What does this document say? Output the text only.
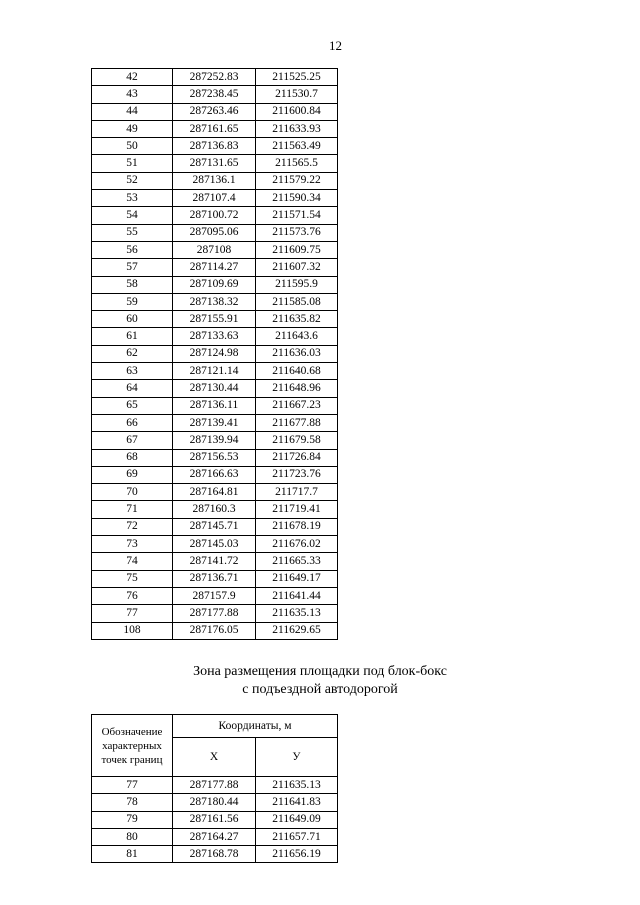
12
42	287252.83	211525.25
43	287238.45	211530.7
44	287263.46	211600.84
49	287161.65	211633.93
50	287136.83	211563.49
51	287131.65	211565.5
52	287136.1	211579.22
53	287107.4	211590.34
54	287100.72	211571.54
55	287095.06	211573.76
56	287108	211609.75
57	287114.27	211607.32
58	287109.69	211595.9
59	287138.32	211585.08
60	287155.91	211635.82
61	287133.63	211643.6
62	287124.98	211636.03
63	287121.14	211640.68
64	287130.44	211648.96
65	287136.11	211667.23
66	287139.41	211677.88
67	287139.94	211679.58
68	287156.53	211726.84
69	287166.63	211723.76
70	287164.81	211717.7
71	287160.3	211719.41
72	287145.71	211678.19
73	287145.03	211676.02
74	287141.72	211665.33
75	287136.71	211649.17
76	287157.9	211641.44
77	287177.88	211635.13
108	287176.05	211629.65
Зона размещения площадки под блок-бокс
с подъездной автодорогой
Обозначение характерных точек границ	Координаты, м	
	Х	У
77	287177.88	211635.13
78	287180.44	211641.83
79	287161.56	211649.09
80	287164.27	211657.71
81	287168.78	211656.19
